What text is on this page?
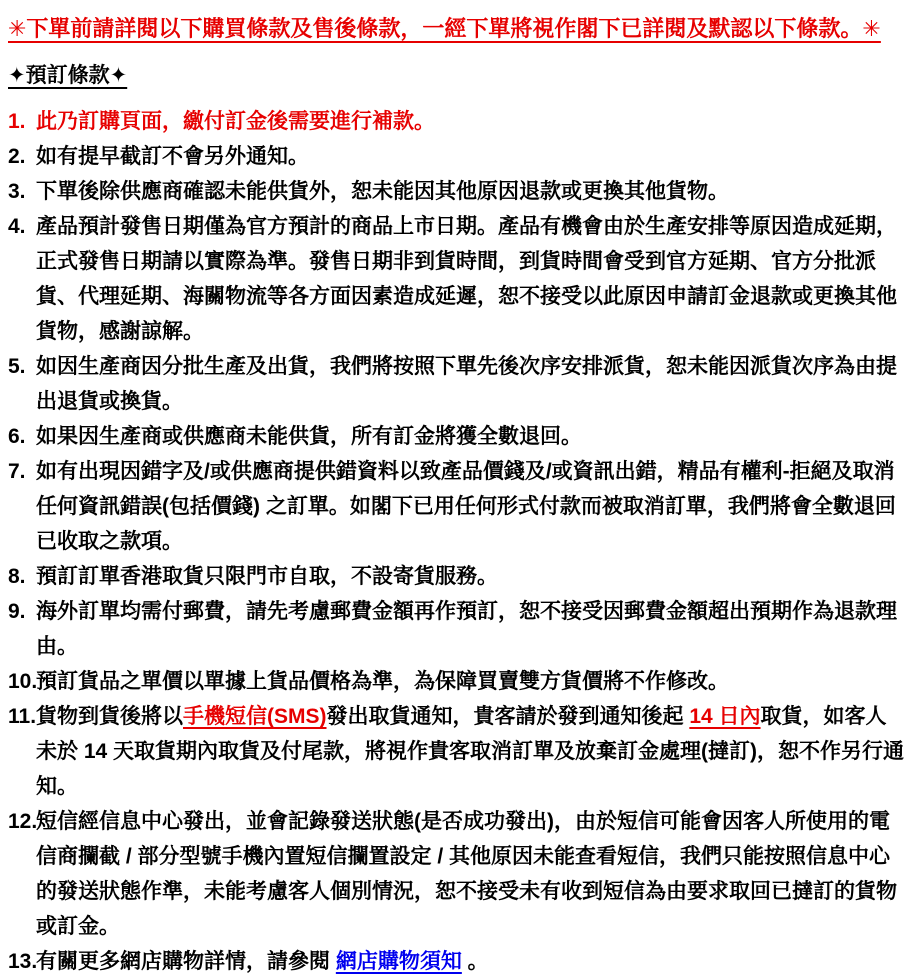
✳下單前請詳閱以下購買條款及售後條款，一經下單將視作閣下已詳閱及默認以下條款。✳
✦預訂條款✦
1. 此乃訂購頁面，繳付訂金後需要進行補款。
2. 如有提早截訂不會另外通知。
3. 下單後除供應商確認未能供貨外，恕未能因其他原因退款或更換其他貨物。
4. 產品預計發售日期僅為官方預計的商品上市日期。產品有機會由於生產安排等原因造成延期，正式發售日期請以實際為準。發售日期非到貨時間，到貨時間會受到官方延期、官方分批派貨、代理延期、海關物流等各方面因素造成延遲，恕不接受以此原因申請訂金退款或更換其他貨物，感謝諒解。
5. 如因生產商因分批生產及出貨，我們將按照下單先後次序安排派貨，恕未能因派貨次序為由提出退貨或換貨。
6. 如果因生產商或供應商未能供貨，所有訂金將獲全數退回。
7. 如有出現因錯字及/或供應商提供錯資料以致產品價錢及/或資訊出錯，精品有權利-拒絕及取消任何資訊錯誤(包括價錢) 之訂單。如閣下已用任何形式付款而被取消訂單，我們將會全數退回已收取之款項。
8. 預訂訂單香港取貨只限門市自取，不設寄貨服務。
9. 海外訂單均需付郵費，請先考慮郵費金額再作預訂，恕不接受因郵費金額超出預期作為退款理由。
10.
預訂貨品之單價以單據上貨品價格為準，為保障買賣雙方貨價將不作修改。
11. 貨物到貨後將以手機短信(SMS)發出取貨通知，貴客請於發到通知後起 14 日內取貨，如客人未於 14 天取貨期內取貨及付尾款，將視作貴客取消訂單及放棄訂金處理(撻訂)，恕不作另行通知。
12.
短信經信息中心發出，並會記錄發送狀態(是否成功發出)，由於短信可能會因客人所使用的電信商攔截 / 部分型號手機內置短信攔置設定 / 其他原因未能查看短信，我們只能按照信息中心的發送狀態作準，未能考慮客人個別情況，恕不接受未有收到短信為由要求取回已撻訂的貨物或訂金。
13.
有關更多網店購物詳情，請參閱 網店購物須知 。
